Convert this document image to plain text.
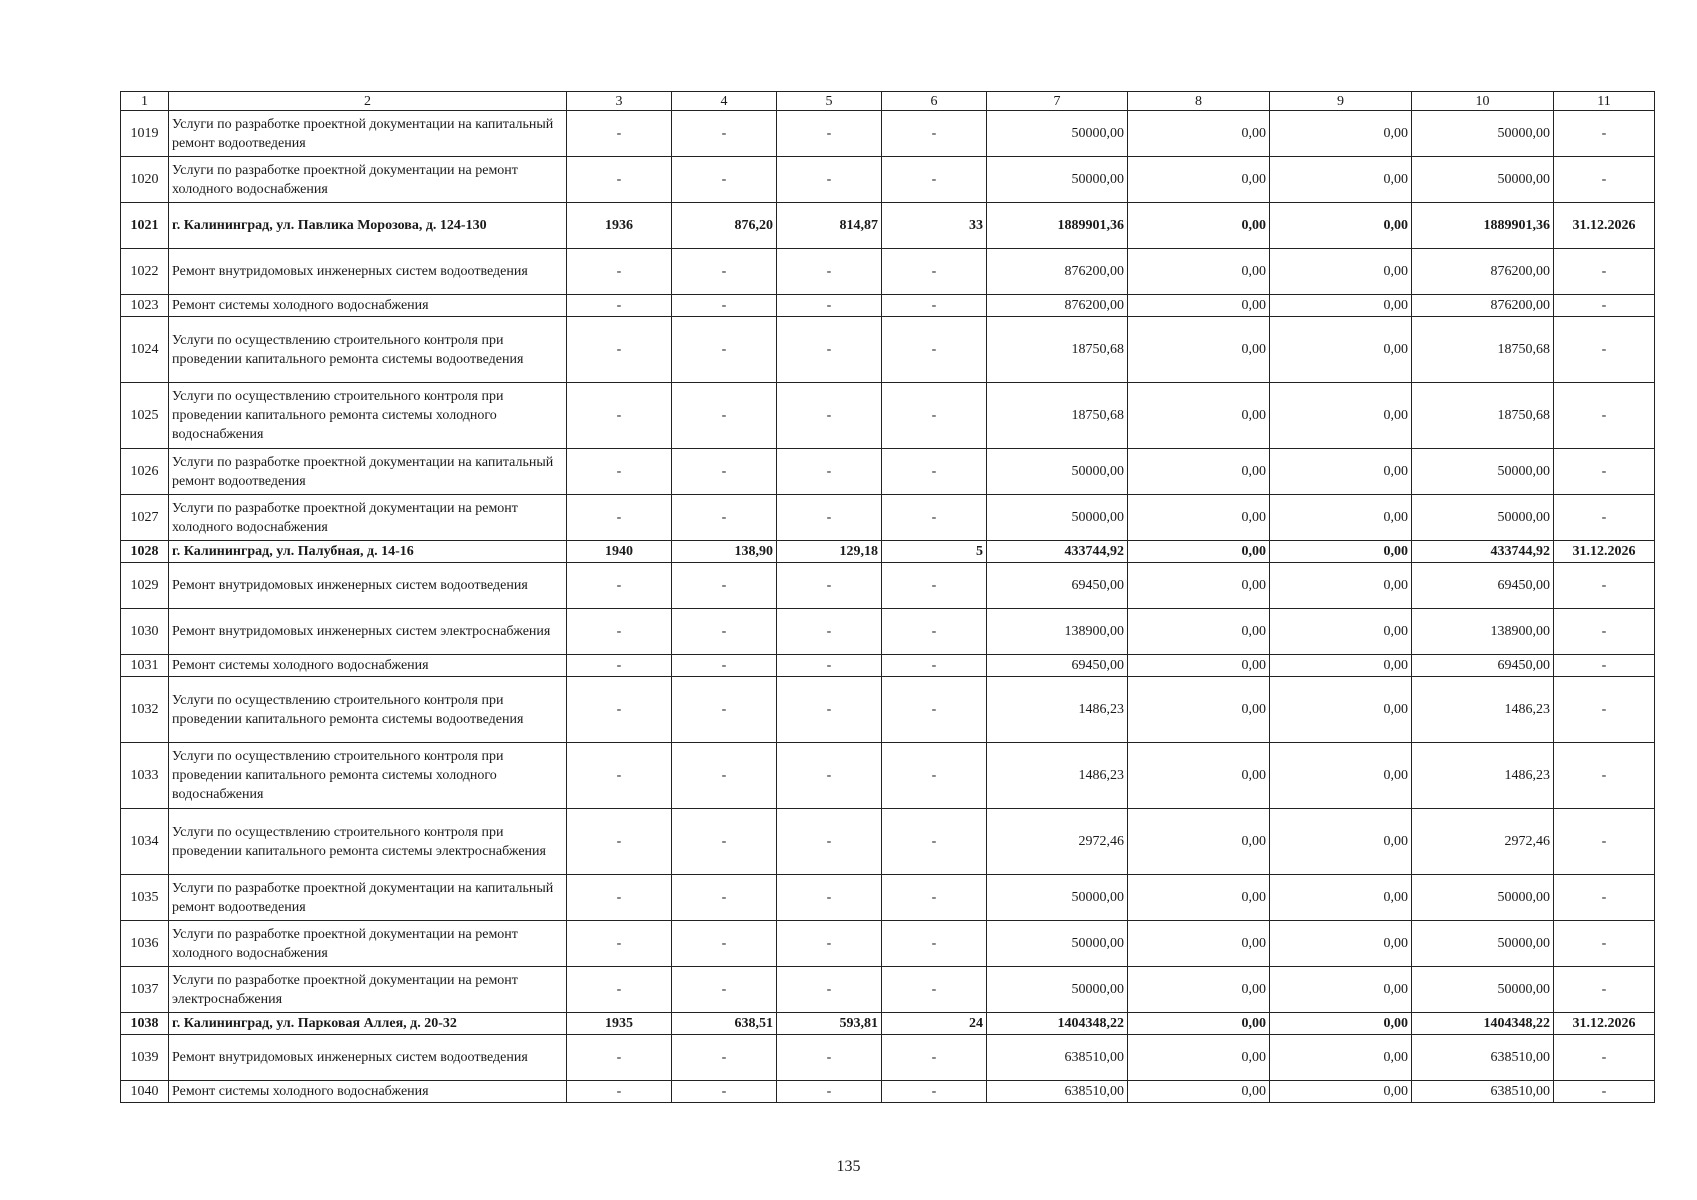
1	2	3	4	5	6	7	8	9	10	11
1019	Услуги по разработке проектной документации на капитальный ремонт водоотведения	-	-	-	-	50000,00	0,00	0,00	50000,00	-
1020	Услуги по разработке проектной документации на ремонт холодного водоснабжения	-	-	-	-	50000,00	0,00	0,00	50000,00	-
1021	г. Калининград, ул. Павлика Морозова, д. 124-130	1936	876,20	814,87	33	1889901,36	0,00	0,00	1889901,36	31.12.2026
1022	Ремонт внутридомовых инженерных систем водоотведения	-	-	-	-	876200,00	0,00	0,00	876200,00	-
1023	Ремонт системы холодного водоснабжения	-	-	-	-	876200,00	0,00	0,00	876200,00	-
1024	Услуги по осуществлению строительного контроля при проведении капитального ремонта системы водоотведения	-	-	-	-	18750,68	0,00	0,00	18750,68	-
1025	Услуги по осуществлению строительного контроля при проведении капитального ремонта системы холодного водоснабжения	-	-	-	-	18750,68	0,00	0,00	18750,68	-
1026	Услуги по разработке проектной документации на капитальный ремонт водоотведения	-	-	-	-	50000,00	0,00	0,00	50000,00	-
1027	Услуги по разработке проектной документации на ремонт холодного водоснабжения	-	-	-	-	50000,00	0,00	0,00	50000,00	-
1028	г. Калининград, ул. Палубная, д. 14-16	1940	138,90	129,18	5	433744,92	0,00	0,00	433744,92	31.12.2026
1029	Ремонт внутридомовых инженерных систем водоотведения	-	-	-	-	69450,00	0,00	0,00	69450,00	-
1030	Ремонт внутридомовых инженерных систем электроснабжения	-	-	-	-	138900,00	0,00	0,00	138900,00	-
1031	Ремонт системы холодного водоснабжения	-	-	-	-	69450,00	0,00	0,00	69450,00	-
1032	Услуги по осуществлению строительного контроля при проведении капитального ремонта системы водоотведения	-	-	-	-	1486,23	0,00	0,00	1486,23	-
1033	Услуги по осуществлению строительного контроля при проведении капитального ремонта системы холодного водоснабжения	-	-	-	-	1486,23	0,00	0,00	1486,23	-
1034	Услуги по осуществлению строительного контроля при проведении капитального ремонта системы электроснабжения	-	-	-	-	2972,46	0,00	0,00	2972,46	-
1035	Услуги по разработке проектной документации на капитальный ремонт водоотведения	-	-	-	-	50000,00	0,00	0,00	50000,00	-
1036	Услуги по разработке проектной документации на ремонт холодного водоснабжения	-	-	-	-	50000,00	0,00	0,00	50000,00	-
1037	Услуги по разработке проектной документации на ремонт электроснабжения	-	-	-	-	50000,00	0,00	0,00	50000,00	-
1038	г. Калининград, ул. Парковая Аллея, д. 20-32	1935	638,51	593,81	24	1404348,22	0,00	0,00	1404348,22	31.12.2026
1039	Ремонт внутридомовых инженерных систем водоотведения	-	-	-	-	638510,00	0,00	0,00	638510,00	-
1040	Ремонт системы холодного водоснабжения	-	-	-	-	638510,00	0,00	0,00	638510,00	-
135
